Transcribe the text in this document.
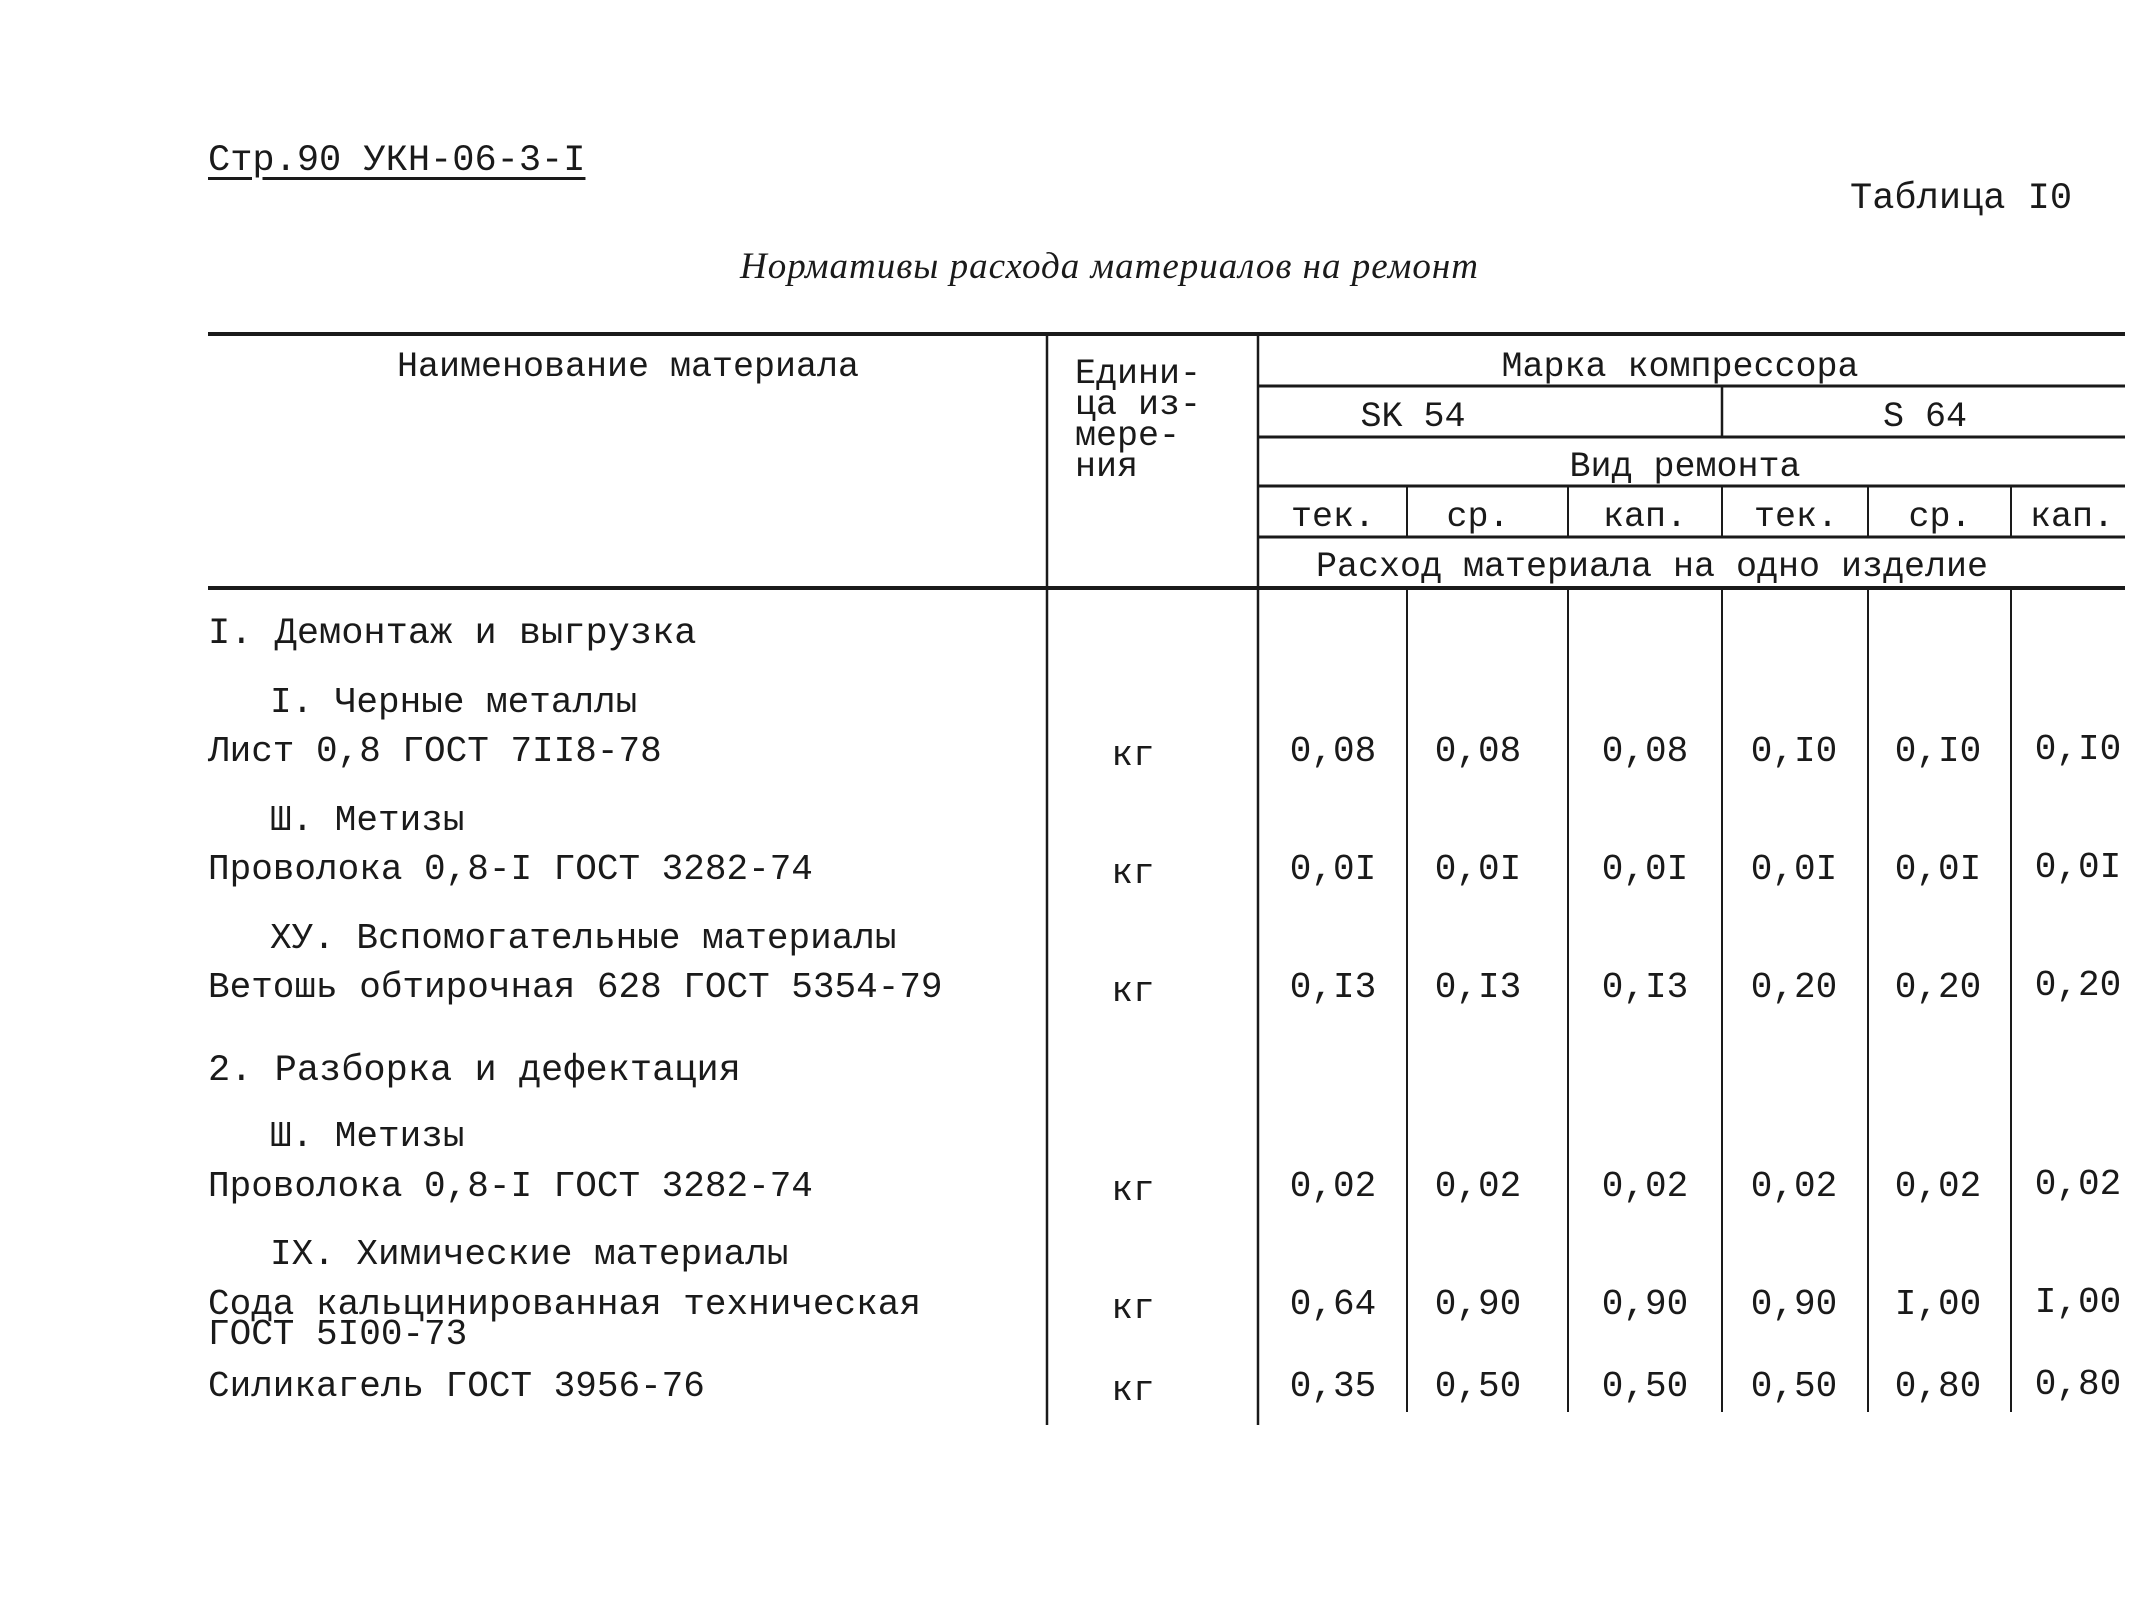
Стр.90 УКН-06-3-I
Таблица I0
Нормативы расхода материалов на ремонт
Наименование материала	Едини-
ца из-
мере-
ния
Марка компрессора
SK 54	S 64
Вид ремонта
тек. ср.	кап. тек. ср. кап.
Расход материала на одно изделие
I. Демонтаж и выгрузка
I. Черные металлы
Лист 0,8 ГОСТ 7II8-78	кг	0,08 0,08 0,08 0,I0 0,I0 0,I0
Ш. Метизы
Проволока 0,8-I ГОСТ 3282-74	кг	0,0I 0,0I 0,0I 0,0I 0,0I 0,0I
ХУ. Вспомогательные материалы
Ветошь обтирочная 628 ГОСТ 5354-79	кг	0,I3 0,I3 0,I3 0,20 0,20 0,20
2. Разборка и дефектация
Ш. Метизы
Проволока 0,8-I ГОСТ 3282-74	кг	0,02 0,02 0,02 0,02 0,02 0,02
IX. Химические материалы
Сода кальцинированная техническая
ГОСТ 5I00-73
кг	0,64 0,90 0,90 0,90 I,00 I,00
Силикагель ГОСТ 3956-76	кг	0,35 0,50 0,50 0,50 0,80 0,80
